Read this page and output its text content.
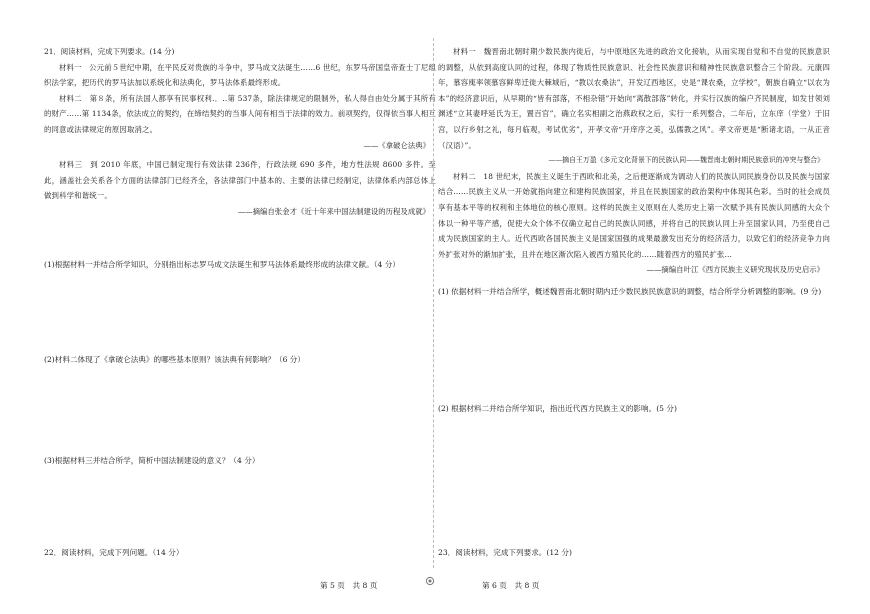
21．阅读材料，完成下列要求。(14 分)

材料一　公元前５世纪中期，在平民反对贵族的斗争中，罗马成文法诞生……6 世纪，东罗马帝国皇帝查士丁尼组织法学家，把历代的罗马法加以系统化和法典化，罗马法体系最终形成。

材料二　第８条，所有法国人都享有民事权利.．..第 537条，除法律规定的限制外，私人得自由处分属于其所有的财产……第 1134条，依法成立的契约，在缔结契约的当事人间有相当于法律的效力。前项契约，仅得依当事人相互的同意或法律规定的原因取消之。

——《拿破仑法典》

材料三　到 2010 年底，中国已制定现行有效法律 236件，行政法规 690 多件，地方性法规 8600 多件。至此，涵盖社会关系各个方面的法律部门已经齐全，各法律部门中基本的、主要的法律已经制定，法律体系内部总体上做到科学和谐统一。

——摘编自张金才《近十年来中国法制建设的历程及成就》

(1)根据材料一并结合所学知识，分别指出标志罗马成文法诞生和罗马法体系最终形成的法律文献。（4 分）
(2)材料二体现了《拿破仑法典》的哪些基本原则？该法典有何影响？（6 分）
(3)根据材料三并结合所学，简析中国法制建设的意义？（4 分）
22．阅读材料，完成下列问题。（14 分）

材料一　魏晋南北朝时期少数民族内徙后，与中原地区先进的政治文化接轨，从而实现自觉和不自觉的民族意识的调整，从依到高度认同的过程，体现了物质性民族意识、社会性民族意识和精神性民族意识整合三个阶段。元康四年，慕容廆率领慕容鲜卑迁徙大棘城后，“教以农桑法”，开发辽西地区，史是“课农桑，立学校”，朝族自确立“以农为本”的经济意识后，从早期的“皆有部落，不相杂错”开始向“离散部落”转化，并实行汉族的编户齐民制度，如发甘领刘渊述“立其妻呼延氏为王，置百官”，确立名实相副之治燕政权之后，实行一系列整合，二年后，立东庠（学堂）于旧宫，以行乡射之礼，每月临观，考试优劣”，开孝文帝“开庠序之美，弘儒教之风”。孝文帝更是“断诸北语，一从正音（汉语）”。

——摘自王万盈《多元文化背景下的民族认同——魏晋南北朝时期民族意识的冲突与整合》

材料二　18 世纪末，民族主义诞生于西欧和北美，之后便逐渐成为调动人们的民族认同民族身份以及民族与国家结合……民族主义从一开始就指向建立和建构民族国家，并且在民族国家的政治架构中体现其色彩。当时的社会成员享有基本平等的权利和主体地位的核心原则。这样的民族主义原则在人类历史上第一次赋予具有民族认同感的大众个体以一种平等产感，促使大众个体不仅确立起自己的民族认同感，并将自己的民族认同上升至国家认同，乃至使自己成为民族国家的主人。近代西欧各国民族主义是国家国强的成果最激发出充分的经济活力，以致它们的经济竞争力向外扩张对外的渐加扩张，且并在地区渐次陷入被西方殖民化的……随着西方的殖民扩张…

——摘编自叶江《西方民族主义研究现状及历史启示》

(1) 依据材料一并结合所学，概述魏晋南北朝时期内迁少数民族民族意识的调整，结合所学分析调整的影响。(9 分)
(2) 根据材料二并结合所学知识，指出近代西方民族主义的影响。(5 分)
23．阅读材料，完成下列要求。(12 分)
第 5 页　共 8 页	第 6 页　共 8 页
